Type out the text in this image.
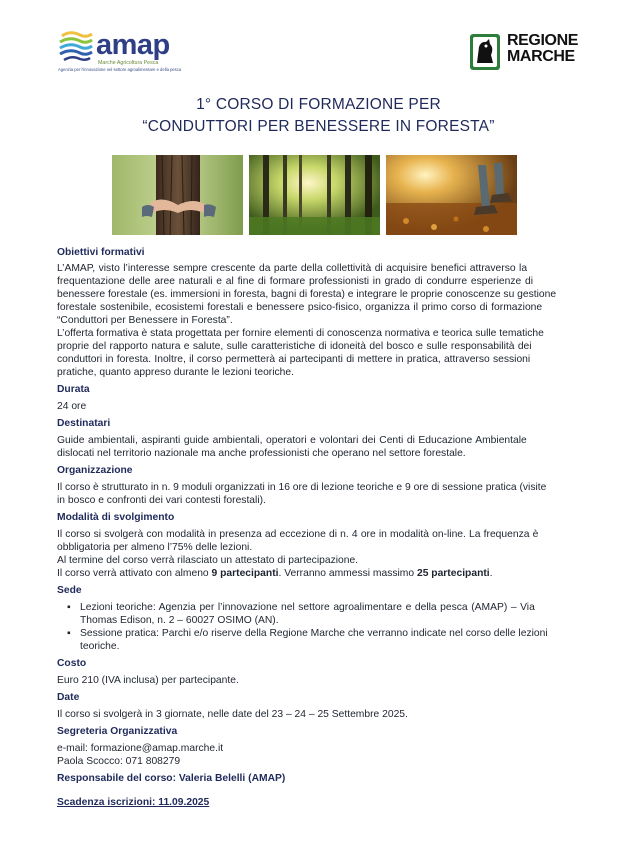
amap
Marche Agricoltura Pesca
Agenzia per l'innovazione nel settore agroalimentare e della pesca
REGIONE
MARCHE
1° CORSO DI FORMAZIONE PER
“CONDUTTORI PER BENESSERE IN FORESTA”
Obiettivi formativi
L’AMAP, visto l’interesse sempre crescente da parte della collettività di acquisire benefici attraverso la
frequentazione delle aree naturali e al fine di formare professionisti in grado di condurre esperienze di
benessere forestale (es. immersioni in foresta, bagni di foresta) e integrare le proprie conoscenze su gestione
forestale sostenibile, ecosistemi forestali e benessere psico-fisico, organizza il primo corso di formazione
“Conduttori per Benessere in Foresta”.
L’offerta formativa è stata progettata per fornire elementi di conoscenza normativa e teorica sulle tematiche
proprie del rapporto natura e salute, sulle caratteristiche di idoneità del bosco e sulle responsabilità dei
conduttori in foresta. Inoltre, il corso permetterà ai partecipanti di mettere in pratica, attraverso sessioni
pratiche, quanto appreso durante le lezioni teoriche.
Durata
24 ore
Destinatari
Guide ambientali, aspiranti guide ambientali, operatori e volontari dei Centi di Educazione Ambientale
dislocati nel territorio nazionale ma anche professionisti che operano nel settore forestale.
Organizzazione
Il corso è strutturato in n. 9 moduli organizzati in 16 ore di lezione teoriche e 9 ore di sessione pratica (visite
in bosco e confronti dei vari contesti forestali).
Modalità di svolgimento
Il corso si svolgerà con modalità in presenza ad eccezione di n. 4 ore in modalità on-line. La frequenza è
obbligatoria per almeno l’75% delle lezioni.
Al termine del corso verrà rilasciato un attestato di partecipazione.
Il corso verrà attivato con almeno 9 partecipanti. Verranno ammessi massimo 25 partecipanti.
Sede
▪ Lezioni teoriche: Agenzia per l’innovazione nel settore agroalimentare e della pesca (AMAP) – Via
Thomas Edison, n. 2 – 60027 OSIMO (AN).
▪ Sessione pratica: Parchi e/o riserve della Regione Marche che verranno indicate nel corso delle lezioni
teoriche.
Costo
Euro 210 (IVA inclusa) per partecipante.
Date
Il corso si svolgerà in 3 giornate, nelle date del 23 – 24 – 25 Settembre 2025.
Segreteria Organizzativa
e-mail: formazione@amap.marche.it
Paola Scocco: 071 808279
Responsabile del corso: Valeria Belelli (AMAP)
Scadenza iscrizioni: 11.09.2025
